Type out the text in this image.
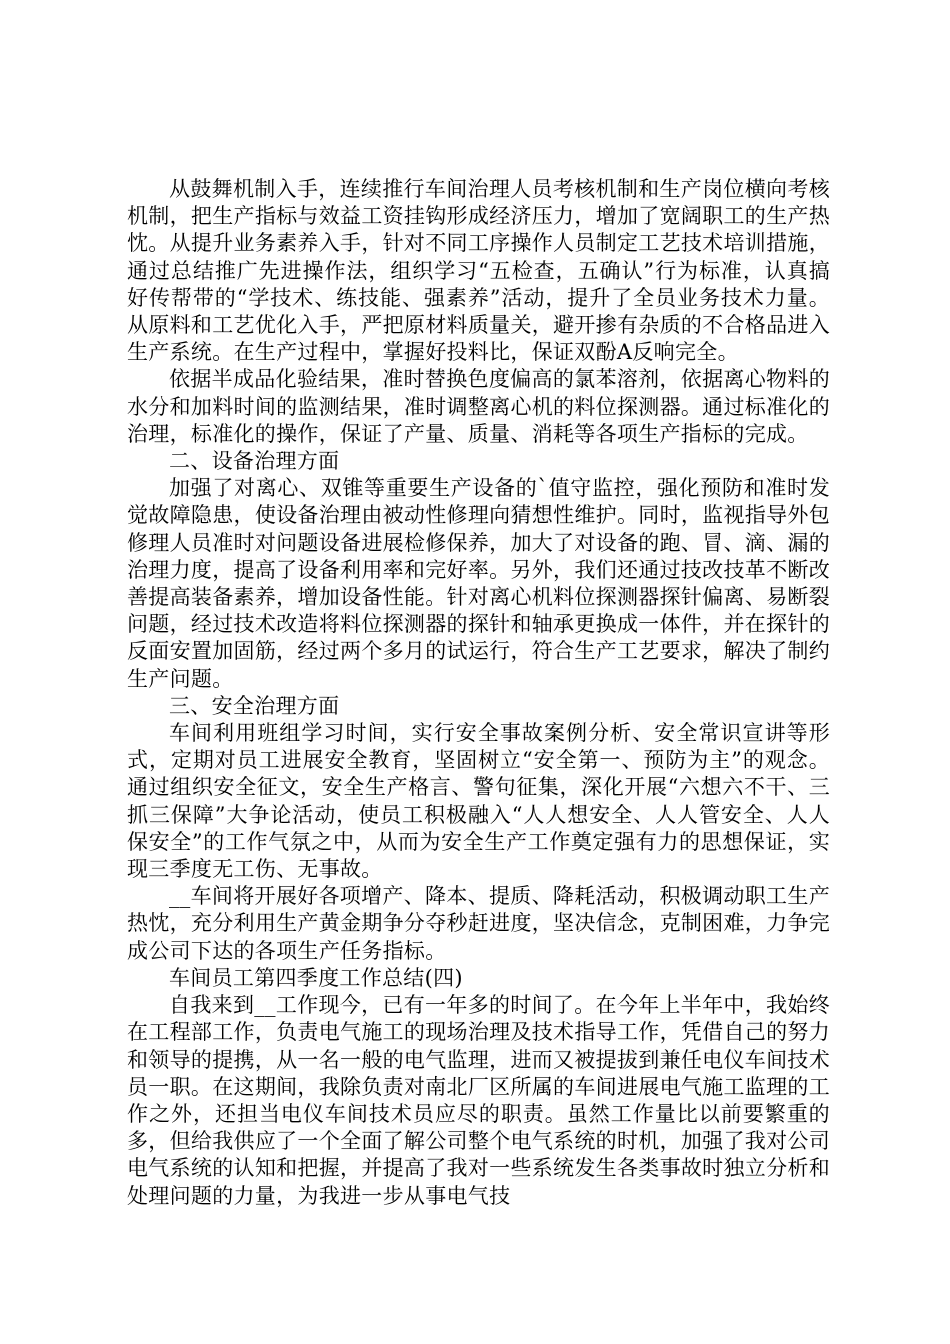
从鼓舞机制入手，连续推行车间治理人员考核机制和生产岗位横向考核机制，把生产指标与效益工资挂钩形成经济压力，增加了宽阔职工的生产热忱。从提升业务素养入手，针对不同工序操作人员制定工艺技术培训措施，通过总结推广先进操作法，组织学习“五检查，五确认”行为标准，认真搞好传帮带的“学技术、练技能、强素养”活动，提升了全员业务技术力量。从原料和工艺优化入手，严把原材料质量关，避开掺有杂质的不合格品进入生产系统。在生产过程中，掌握好投料比，保证双酚A反响完全。

依据半成品化验结果，准时替换色度偏高的氯苯溶剂，依据离心物料的水分和加料时间的监测结果，准时调整离心机的料位探测器。通过标准化的治理，标准化的操作，保证了产量、质量、消耗等各项生产指标的完成。

二、设备治理方面

加强了对离心、双锥等重要生产设备的`值守监控，强化预防和准时发觉故障隐患，使设备治理由被动性修理向猜想性维护。同时，监视指导外包修理人员准时对问题设备进展检修保养，加大了对设备的跑、冒、滴、漏的治理力度，提高了设备利用率和完好率。另外，我们还通过技改技革不断改善提高装备素养，增加设备性能。针对离心机料位探测器探针偏离、易断裂问题，经过技术改造将料位探测器的探针和轴承更换成一体件，并在探针的反面安置加固筋，经过两个多月的试运行，符合生产工艺要求，解决了制约生产问题。

三、安全治理方面

车间利用班组学习时间，实行安全事故案例分析、安全常识宣讲等形式，定期对员工进展安全教育，坚固树立“安全第一、预防为主”的观念。通过组织安全征文，安全生产格言、警句征集，深化开展“六想六不干、三抓三保障”大争论活动，使员工积极融入“人人想安全、人人管安全、人人保安全”的工作气氛之中，从而为安全生产工作奠定强有力的思想保证，实现三季度无工伤、无事故。

__车间将开展好各项增产、降本、提质、降耗活动，积极调动职工生产热忱，充分利用生产黄金期争分夺秒赶进度，坚决信念，克制困难，力争完成公司下达的各项生产任务指标。

车间员工第四季度工作总结(四)

自我来到__工作现今，已有一年多的时间了。在今年上半年中，我始终在工程部工作，负责电气施工的现场治理及技术指导工作，凭借自己的努力和领导的提携，从一名一般的电气监理，进而又被提拔到兼任电仪车间技术员一职。在这期间，我除负责对南北厂区所属的车间进展电气施工监理的工作之外，还担当电仪车间技术员应尽的职责。虽然工作量比以前要繁重的多，但给我供应了一个全面了解公司整个电气系统的时机，加强了我对公司电气系统的认知和把握，并提高了我对一些系统发生各类事故时独立分析和处理问题的力量，为我进一步从事电气技
